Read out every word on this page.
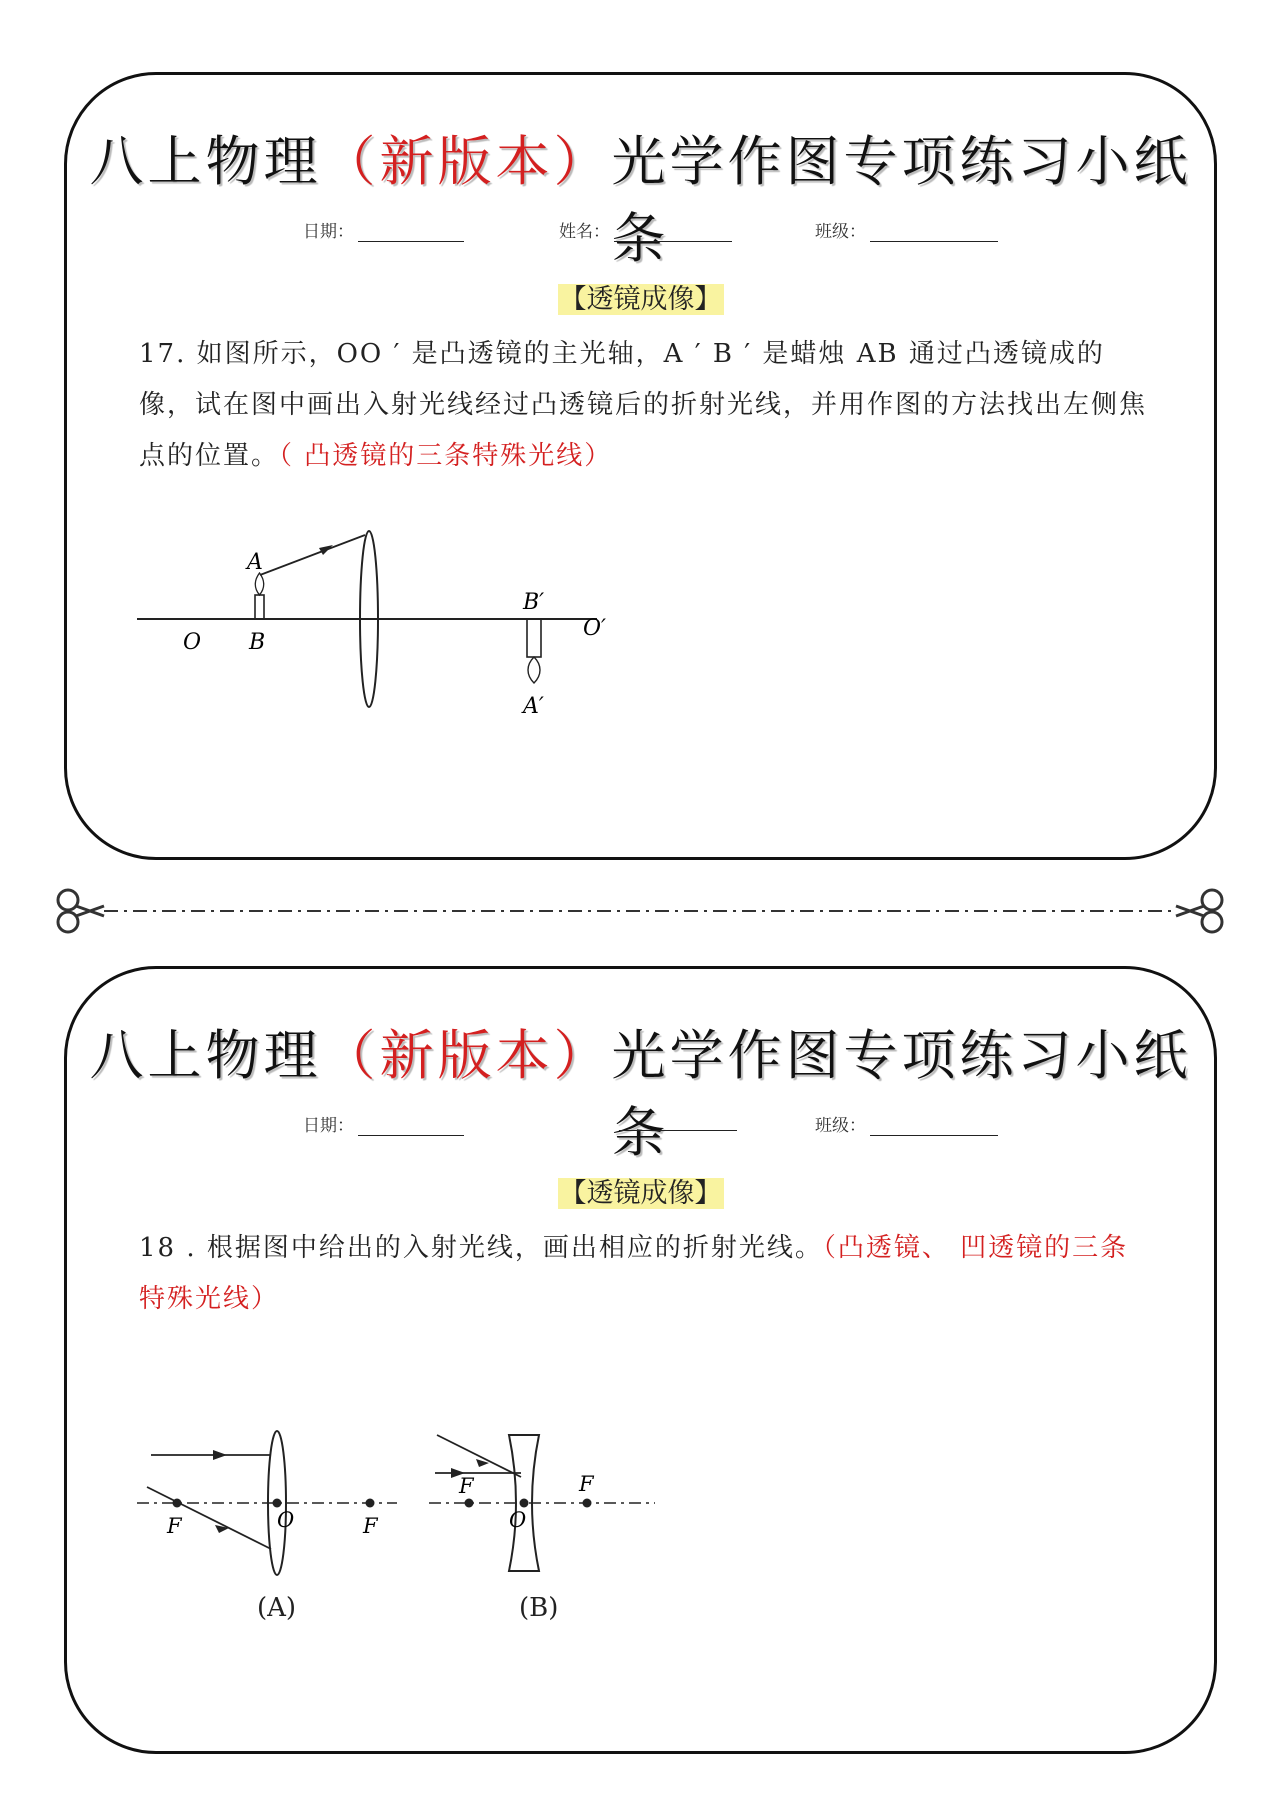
八上物理（新版本）光学作图专项练习小纸条
日期：	姓名：	班级：
【透镜成像】
17. 如图所示，OO ′ 是凸透镜的主光轴，A ′ B ′ 是蜡烛 AB 通过凸透镜成的像，试在图中画出入射光线经过凸透镜后的折射光线，并用作图的方法找出左侧焦点的位置。（ 凸透镜的三条特殊光线）
A
B
O
B′
O′
A′
八上物理（新版本）光学作图专项练习小纸条
日期：	班级：
【透镜成像】
18 . 根据图中给出的入射光线，画出相应的折射光线。（凸透镜、 凹透镜的三条特殊光线）
F	O	F
(A)
F
O
F
(B)
